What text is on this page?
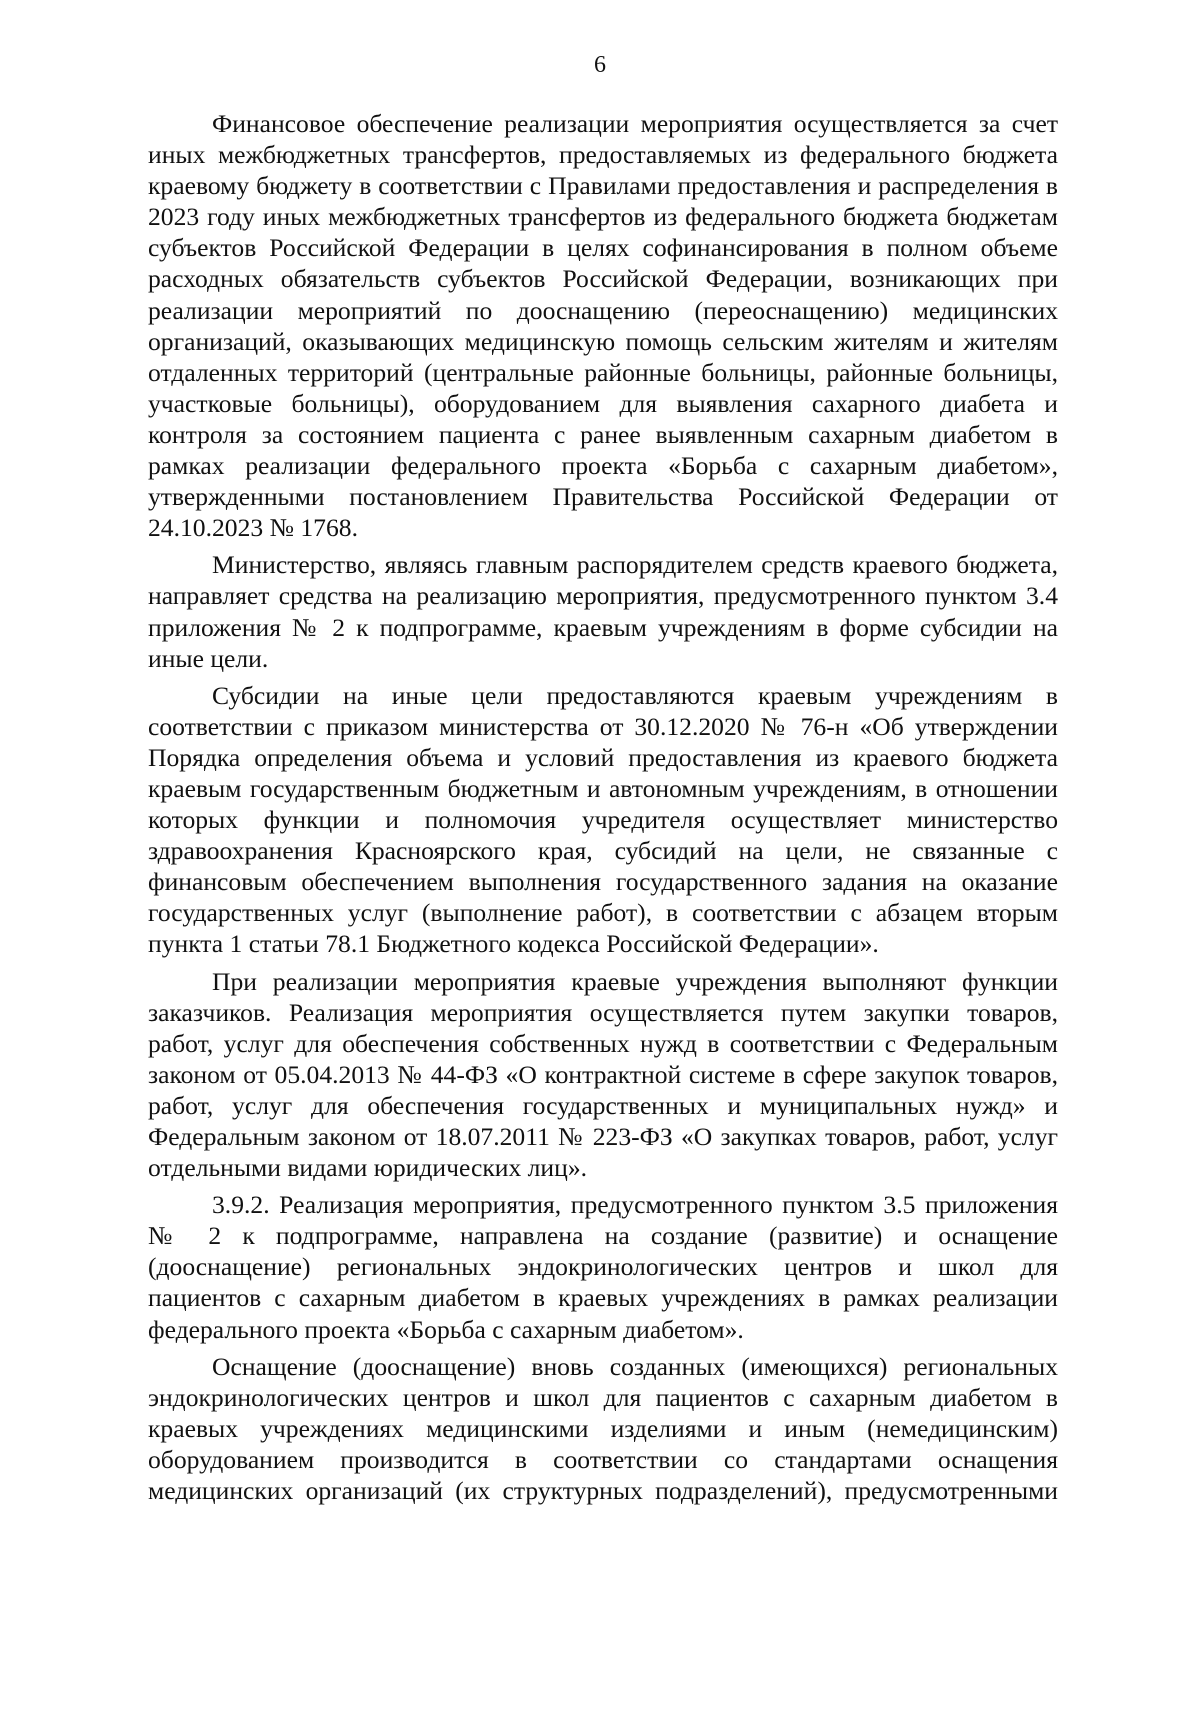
6

Финансовое обеспечение реализации мероприятия осуществляется за счет иных межбюджетных трансфертов, предоставляемых из федерального бюджета краевому бюджету в соответствии с Правилами предоставления и распределения в 2023 году иных межбюджетных трансфертов из федерального бюджета бюджетам субъектов Российской Федерации в целях софинансирования в полном объеме расходных обязательств субъектов Российской Федерации, возникающих при реализации мероприятий по дооснащению (переоснащению) медицинских организаций, оказывающих медицинскую помощь сельским жителям и жителям отдаленных территорий (центральные районные больницы, районные больницы, участковые больницы), оборудованием для выявления сахарного диабета и контроля за состоянием пациента с ранее выявленным сахарным диабетом в рамках реализации федерального проекта «Борьба с сахарным диабетом», утвержденными постановлением Правительства Российской Федерации от 24.10.2023 № 1768.

Министерство, являясь главным распорядителем средств краевого бюджета, направляет средства на реализацию мероприятия, предусмотренного пунктом 3.4 приложения № 2 к подпрограмме, краевым учреждениям в форме субсидии на иные цели.

Субсидии на иные цели предоставляются краевым учреждениям в соответствии с приказом министерства от 30.12.2020 № 76-н «Об утверждении Порядка определения объема и условий предоставления из краевого бюджета краевым государственным бюджетным и автономным учреждениям, в отношении которых функции и полномочия учредителя осуществляет министерство здравоохранения Красноярского края, субсидий на цели, не связанные с финансовым обеспечением выполнения государственного задания на оказание государственных услуг (выполнение работ), в соответствии с абзацем вторым пункта 1 статьи 78.1 Бюджетного кодекса Российской Федерации».

При реализации мероприятия краевые учреждения выполняют функции заказчиков. Реализация мероприятия осуществляется путем закупки товаров, работ, услуг для обеспечения собственных нужд в соответствии с Федеральным законом от 05.04.2013 № 44-ФЗ «О контрактной системе в сфере закупок товаров, работ, услуг для обеспечения государственных и муниципальных нужд» и Федеральным законом от 18.07.2011 № 223-ФЗ «О закупках товаров, работ, услуг отдельными видами юридических лиц».

3.9.2. Реализация мероприятия, предусмотренного пунктом 3.5 приложения № 2 к подпрограмме, направлена на создание (развитие) и оснащение (дооснащение) региональных эндокринологических центров и школ для пациентов с сахарным диабетом в краевых учреждениях в рамках реализации федерального проекта «Борьба с сахарным диабетом».

Оснащение (дооснащение) вновь созданных (имеющихся) региональных эндокринологических центров и школ для пациентов с сахарным диабетом в краевых учреждениях медицинскими изделиями и иным (немедицинским) оборудованием производится в соответствии со стандартами оснащения медицинских организаций (их структурных подразделений), предусмотренными
